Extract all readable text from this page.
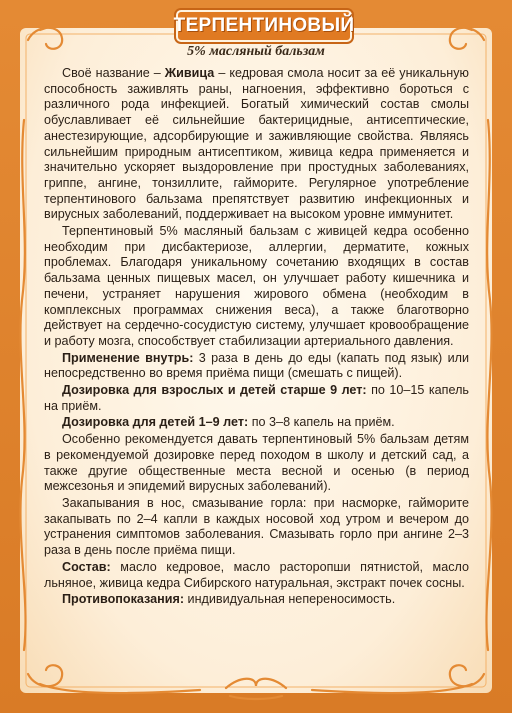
ТЕРПЕНТИНОВЫЙ
5% масляный бальзам

Своё название – Живица – кедровая смола носит за её уникальную способность заживлять раны, нагноения, эффективно бороться с различного рода инфекцией. Богатый химический состав смолы обуславливает её сильнейшие бактерицидные, антисептические, анестезирующие, адсорбирующие и заживляющие свойства. Являясь сильнейшим природным антисептиком, живица кедра применяется и значительно ускоряет выздоровление при простудных заболеваниях, гриппе, ангине, тонзиллите, гайморите. Регулярное употребление терпентинового бальзама препятствует развитию инфекционных и вирусных заболеваний, поддерживает на высоком уровне иммунитет.

Терпентиновый 5% масляный бальзам с живицей кедра особенно необходим при дисбактериозе, аллергии, дерматите, кожных проблемах. Благодаря уникальному сочетанию входящих в состав бальзама ценных пищевых масел, он улучшает работу кишечника и печени, устраняет нарушения жирового обмена (необходим в комплексных программах снижения веса), а также благотворно действует на сердечно-сосудистую систему, улучшает кровообращение и работу мозга, способствует стабилизации артериального давления.

Применение внутрь: 3 раза в день до еды (капать под язык) или непосредственно во время приёма пищи (смешать с пищей).

Дозировка для взрослых и детей старше 9 лет: по 10–15 капель на приём.

Дозировка для детей 1–9 лет: по 3–8 капель на приём.

Особенно рекомендуется давать терпентиновый 5% бальзам детям в рекомендуемой дозировке перед походом в школу и детский сад, а также другие общественные места весной и осенью (в период межсезонья и эпидемий вирусных заболеваний).

Закапывания в нос, смазывание горла: при насморке, гайморите закапывать по 2–4 капли в каждых носовой ход утром и вечером до устранения симптомов заболевания. Смазывать горло при ангине 2–3 раза в день после приёма пищи.

Состав: масло кедровое, масло расторопши пятнистой, масло льняное, живица кедра Сибирского натуральная, экстракт почек сосны.

Противопоказания: индивидуальная непереносимость.
